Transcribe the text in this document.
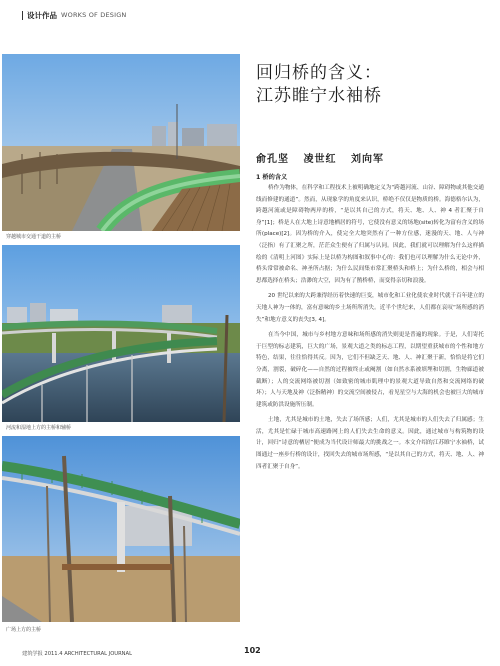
设计作品 WORKS OF DESIGN
穿越城市交通干道的主桥
河流和湿地上方的主桥和辅桥
广场上方的主桥
回归桥的含义：
江苏睢宁水袖桥
俞孔坚 凌世红 刘向军
1 桥的含义

桥作为物体，在科学和工程技术上被明确地定义为“跨越河流、山谷、障碍物或其他交通线而修建的通道”。然而，从现象学的角度来认识，桥绝不仅仅是物质的桥。海德格尔认为，跨越河流或是障碍物两岸的桥，“是以其自己的方式，将天、地、人、神 4 者汇聚于自身”[1]；桥是人在大地上诗意地栖居的符号，它使没有意义的场地(site)转化为富有含义的场所(place)[2]。因为桥的介入，使完全大地突然有了一种方位感，迷漫的天、地、人与神（泛指）有了汇聚之所，茫茫众生便有了归属与认同。因此，我们就可以理解为什么这样描绘的《清明上河图》实际上是以桥为构图和叙事中心的：我们也可以理解为什么无论中外，桥头常常被命名、神圣所占据；为什么民间集市常汇聚桥头和桥上；为什么桥的，相会与相思都选择在桥头；浩渺的大空，因为有了鹊桥桥，而变得亲切和浪漫。

20 世纪以来的大跨兼得经历着快速的巨变，城市化和工业化使农业时代就千百年建立的天地人神为一体的，富有意味的乡土场所所消失。近半个世纪来，人们都在哀叹“场所感的消失”和地方意义的丧失[3, 4]。

在当今中国，城市与乡村地方意味和场所感的消失则更是普遍的现象。于是，人们寄托于巨型的标志建筑，巨大的广场，景观大道之类的标志工程，以期望重获城市的个性和地方特色，结果，往往恰得其反。因为，它们不但缺乏天、地、人、神汇聚于新，恰恰是将它们分离，割裂，破碎化——自然的过程被终止或阉割（如自然水系被填埋和切割，生物廊道被截断）；人的交流网络被切割（如致密的城市肌理中的景观大道导致自然和交流网络的破坏）；人与天地及神（泛指精神）的交流空间被侵占，看见星空与大海的机会也被巨大的城市建筑或防洪设施所压制。

土地，尤其是城市的土地，失去了场所感；人们，尤其是城市的人们失去了归属感；生活，尤其是忙碌于城市高速路网上的人们失去生命的意义。因此，通过城市与构筑物的设计，回归“诗意的栖居”便成为当代设计师最大的挑战之一。本文介绍的江苏睢宁水袖桥，试图通过一座步行桥的设计，找回失去的城市场所感，“是以其自己的方式，将天、地、人、神四者汇聚于自身”。

建筑学报 2011.4 ARCHITECTURAL JOURNAL	102
